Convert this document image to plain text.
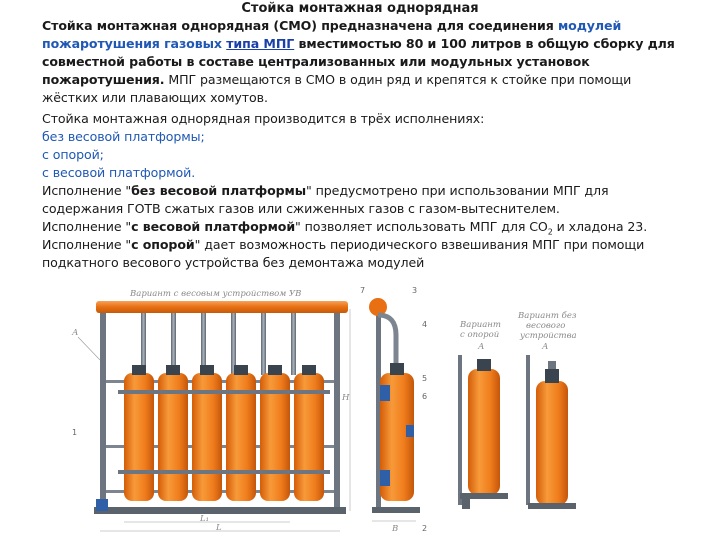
Стойка монтажная однорядная
Стойка монтажная однорядная (СМО) предназначена для соединения модулей
пожаротушения газовых типа МПГ вместимостью 80 и 100 литров в общую сборку для
совместной работы в составе централизованных или модульных установок
пожаротушения. МПГ размещаются в СМО в один ряд и крепятся к стойке при помощи
жёстких или плавающих хомутов.
Стойка монтажная однорядная производится в трёх исполнениях:
без весовой платформы;
с опорой;
с весовой платформой.
Исполнение "без весовой платформы" предусмотрено при использовании МПГ для
содержания ГОТВ сжатых газов или сжиженных газов с газом-вытеснителем.
Исполнение "с весовой платформой" позволяет использовать МПГ для $СО_2$ и хладона 23.
Исполнение "с опорой" дает возможность периодического взвешивания МПГ при помощи
подкатного весового устройства без демонтажа модулей
Вариант с весовым устройством УВ
А
H
L
L₁
7
B
3
4
5
6
2
Вариант
с опорой
А
Вариант без
весового
устройства
А
1
